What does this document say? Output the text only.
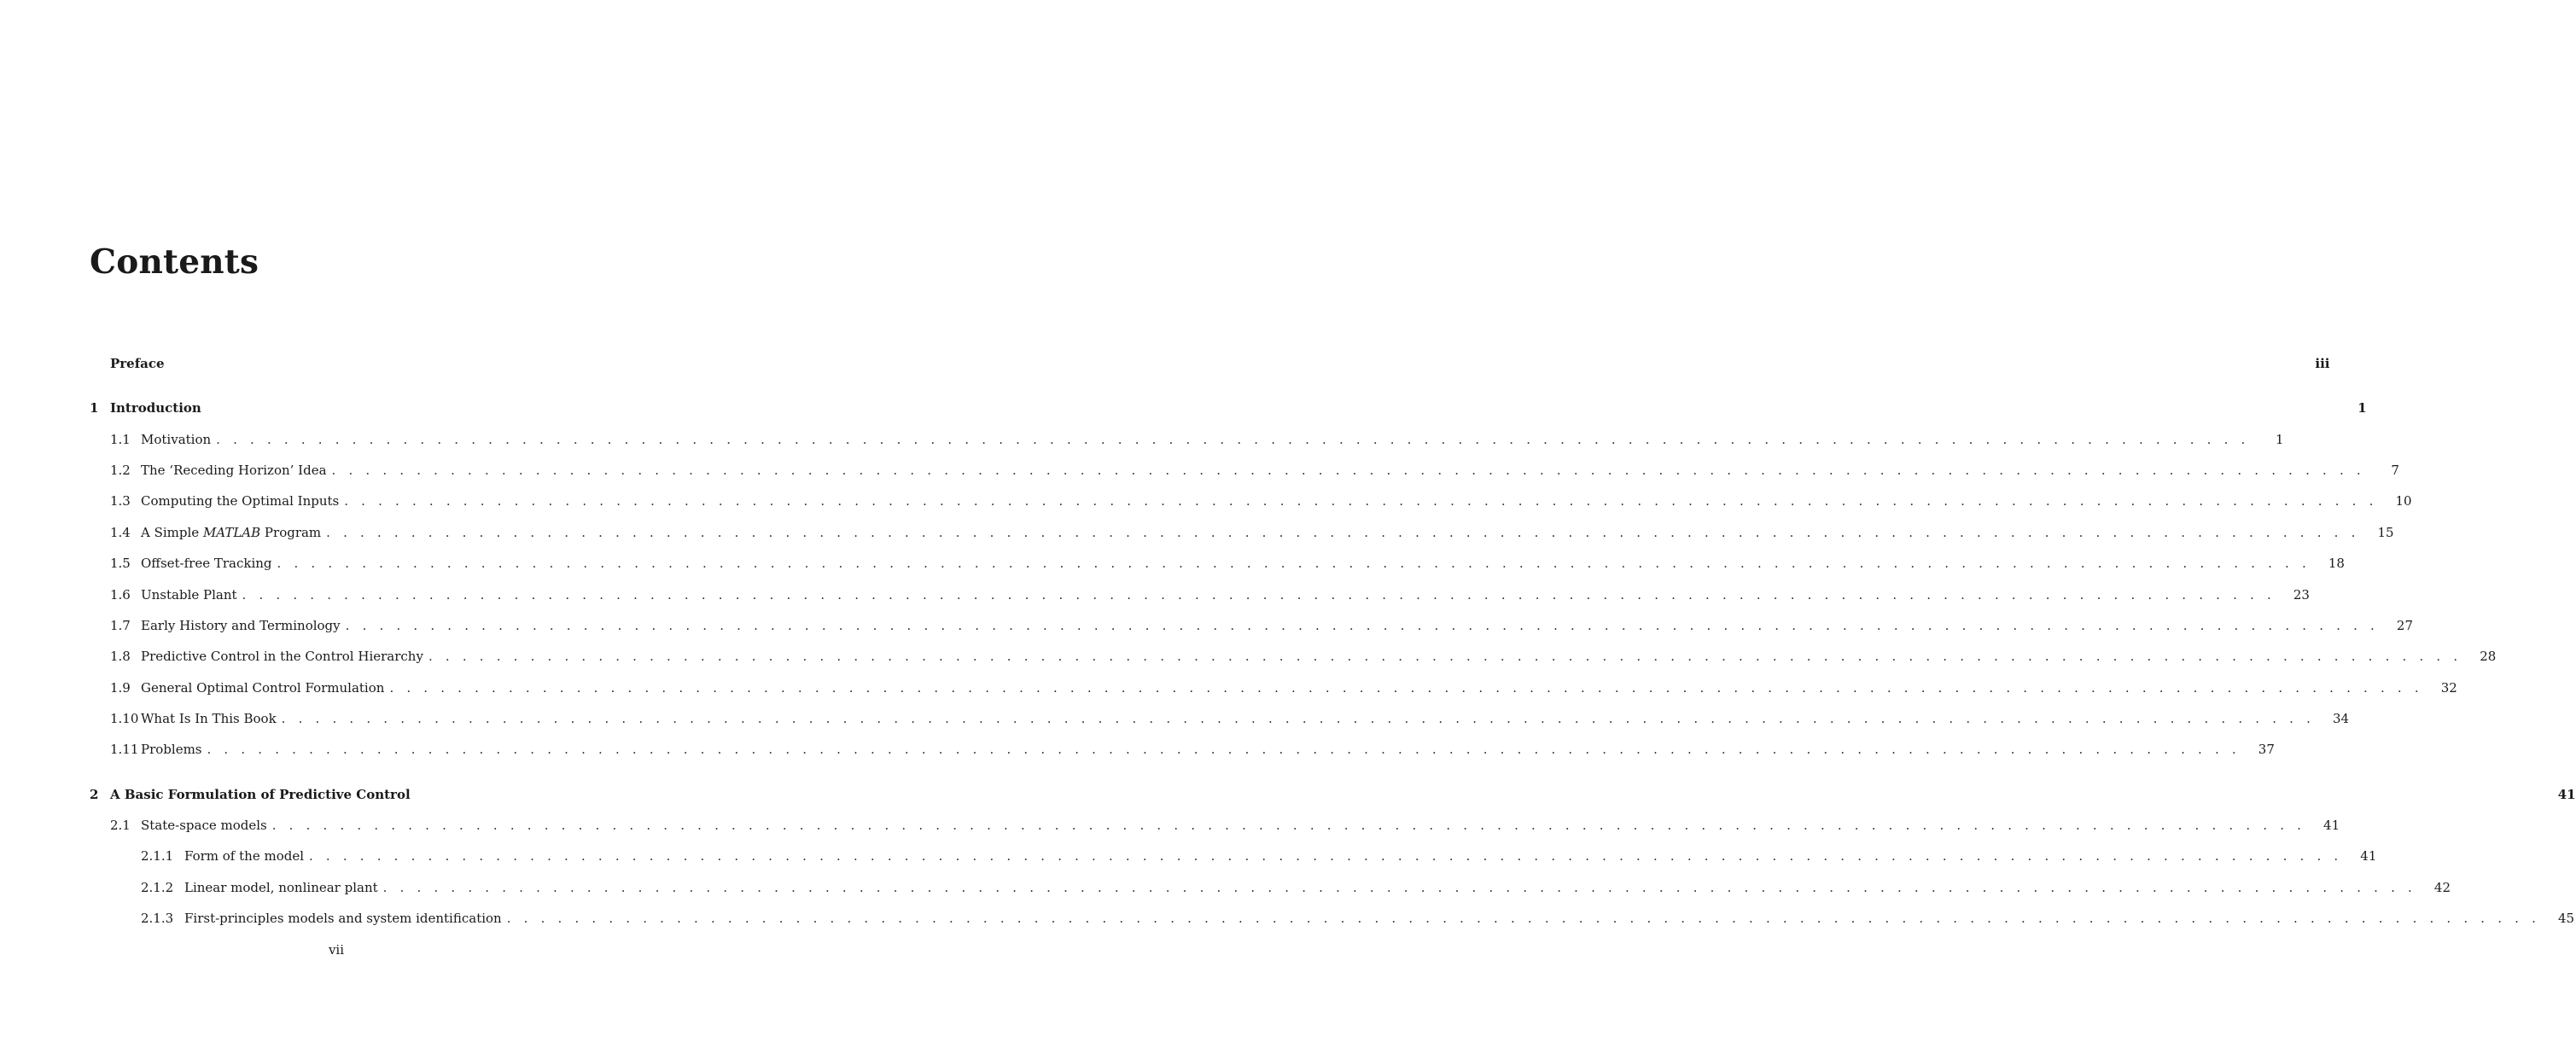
Contents
Preface	iii
1 Introduction	1
1.1 Motivation . . . . . . . . . . . . . . . . . . . . . . . . . . . . . . . . . . . . . . . . . . . . . . . . . . . . . . . . . . . . . . . . . . . . . . . . . . . . . . . . . . . . . . . . . . . . . . . . . . . . . . . . . . . . . . . . . . . . . . . .	1
1.2 The ‘Receding Horizon’ Idea . . . . . . . . . . . . . . . . . . . . . . . . . . . . . . . . . . . . . . . . . . . . . . . . . . . . . . . . . . . . . . . . . . . . . . . . . . . . . . . . . . . . . . . . . . . . . . . . . . . . . . . . . . . . . . . . . . . . . . . .	7
1.3 Computing the Optimal Inputs . . . . . . . . . . . . . . . . . . . . . . . . . . . . . . . . . . . . . . . . . . . . . . . . . . . . . . . . . . . . . . . . . . . . . . . . . . . . . . . . . . . . . . . . . . . . . . . . . . . . . . . . . . . . . . . . . . . . . . . .	10
1.4 A Simple MATLAB Program . . . . . . . . . . . . . . . . . . . . . . . . . . . . . . . . . . . . . . . . . . . . . . . . . . . . . . . . . . . . . . . . . . . . . . . . . . . . . . . . . . . . . . . . . . . . . . . . . . . . . . . . . . . . . . . . . . . . . . . .	15
1.5 Offset-free Tracking . . . . . . . . . . . . . . . . . . . . . . . . . . . . . . . . . . . . . . . . . . . . . . . . . . . . . . . . . . . . . . . . . . . . . . . . . . . . . . . . . . . . . . . . . . . . . . . . . . . . . . . . . . . . . . . . . . . . . . . .	18
1.6 Unstable Plant . . . . . . . . . . . . . . . . . . . . . . . . . . . . . . . . . . . . . . . . . . . . . . . . . . . . . . . . . . . . . . . . . . . . . . . . . . . . . . . . . . . . . . . . . . . . . . . . . . . . . . . . . . . . . . . . . . . . . . . .	23
1.7 Early History and Terminology . . . . . . . . . . . . . . . . . . . . . . . . . . . . . . . . . . . . . . . . . . . . . . . . . . . . . . . . . . . . . . . . . . . . . . . . . . . . . . . . . . . . . . . . . . . . . . . . . . . . . . . . . . . . . . . . . . . . . . . .	27
1.8 Predictive Control in the Control Hierarchy . . . . . . . . . . . . . . . . . . . . . . . . . . . . . . . . . . . . . . . . . . . . . . . . . . . . . . . . . . . . . . . . . . . . . . . . . . . . . . . . . . . . . . . . . . . . . . . . . . . . . . . . . . . . . . . . . . . . . . . .	28
1.9 General Optimal Control Formulation . . . . . . . . . . . . . . . . . . . . . . . . . . . . . . . . . . . . . . . . . . . . . . . . . . . . . . . . . . . . . . . . . . . . . . . . . . . . . . . . . . . . . . . . . . . . . . . . . . . . . . . . . . . . . . . . . . . . . . . .	32
1.10 What Is In This Book . . . . . . . . . . . . . . . . . . . . . . . . . . . . . . . . . . . . . . . . . . . . . . . . . . . . . . . . . . . . . . . . . . . . . . . . . . . . . . . . . . . . . . . . . . . . . . . . . . . . . . . . . . . . . . . . . . . . . . . .	34
1.11 Problems . . . . . . . . . . . . . . . . . . . . . . . . . . . . . . . . . . . . . . . . . . . . . . . . . . . . . . . . . . . . . . . . . . . . . . . . . . . . . . . . . . . . . . . . . . . . . . . . . . . . . . . . . . . . . . . . . . . . . . . .	37
2 A Basic Formulation of Predictive Control	41
2.1 State-space models . . . . . . . . . . . . . . . . . . . . . . . . . . . . . . . . . . . . . . . . . . . . . . . . . . . . . . . . . . . . . . . . . . . . . . . . . . . . . . . . . . . . . . . . . . . . . . . . . . . . . . . . . . . . . . . . . . . . . . . .	41
2.1.1 Form of the model . . . . . . . . . . . . . . . . . . . . . . . . . . . . . . . . . . . . . . . . . . . . . . . . . . . . . . . . . . . . . . . . . . . . . . . . . . . . . . . . . . . . . . . . . . . . . . . . . . . . . . . . . . . . . . . . . . . . . . . .	41
2.1.2 Linear model, nonlinear plant . . . . . . . . . . . . . . . . . . . . . . . . . . . . . . . . . . . . . . . . . . . . . . . . . . . . . . . . . . . . . . . . . . . . . . . . . . . . . . . . . . . . . . . . . . . . . . . . . . . . . . . . . . . . . . . . . . . . . . . .	42
2.1.3 First-principles models and system identification . . . . . . . . . . . . . . . . . . . . . . . . . . . . . . . . . . . . . . . . . . . . . . . . . . . . . . . . . . . . . . . . . . . . . . . . . . . . . . . . . . . . . . . . . . . . . . . . . . . . . . . . . . . . . . . . . . . . . . . .	45
vii
